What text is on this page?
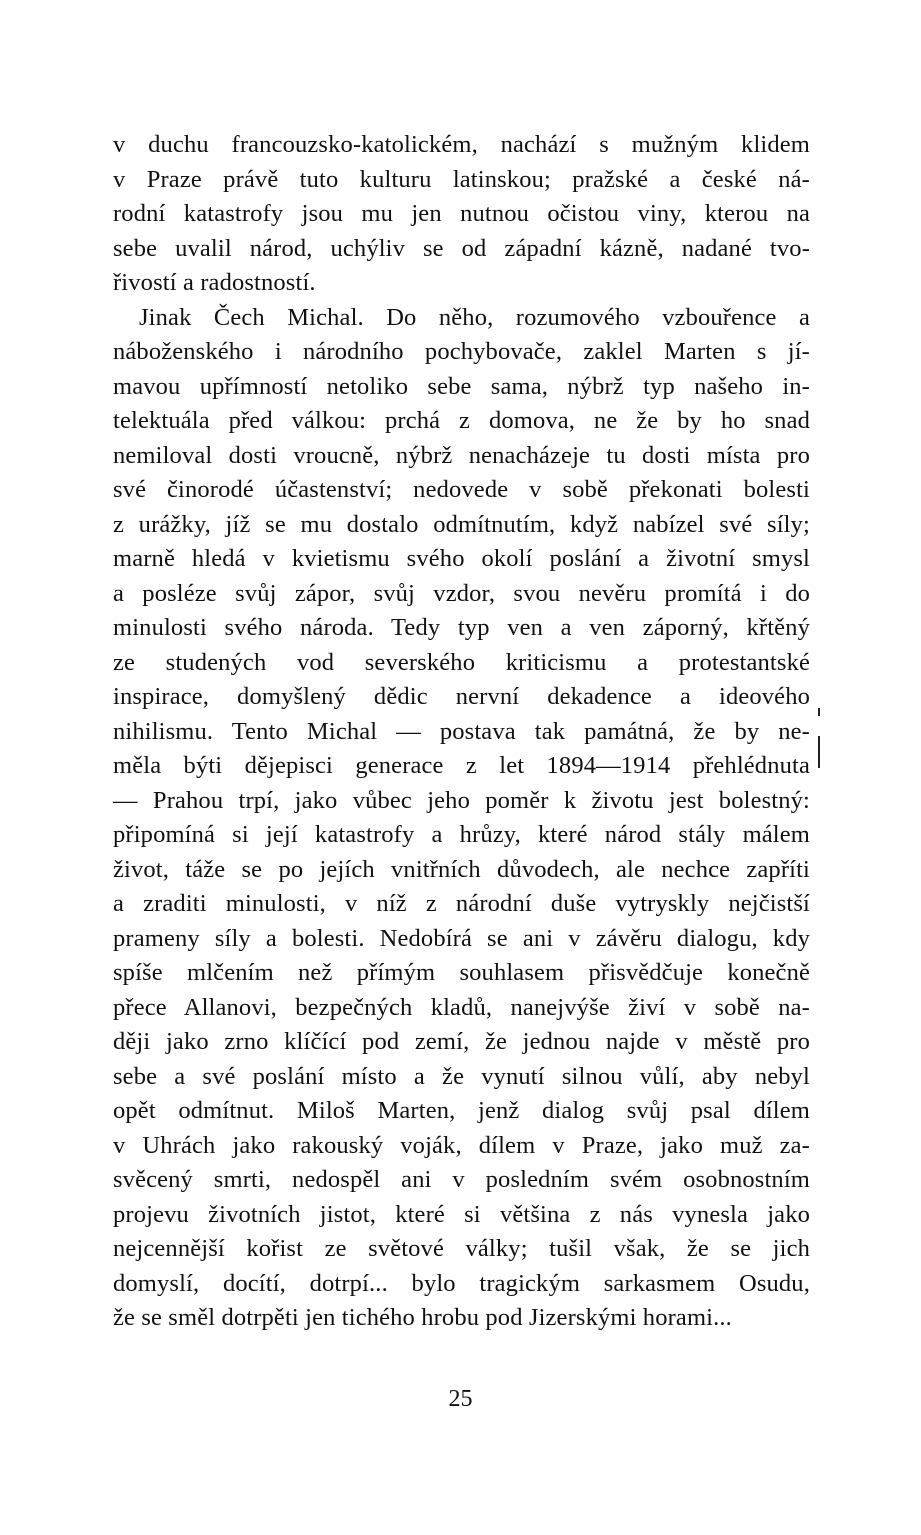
v duchu francouzsko-katolickém, nachází s mužným klidem
v Praze právě tuto kulturu latinskou; pražské a české ná-
rodní katastrofy jsou mu jen nutnou očistou viny, kterou na
sebe uvalil národ, uchýliv se od západní kázně, nadané tvo-
řivostí a radostností.
Jinak Čech Michal. Do něho, rozumového vzbouřence a
náboženského i národního pochybovače, zaklel Marten s jí-
mavou upřímností netoliko sebe sama, nýbrž typ našeho in-
telektuála před válkou: prchá z domova, ne že by ho snad
nemiloval dosti vroucně, nýbrž nenacházeje tu dosti místa pro
své činorodé účastenství; nedovede v sobě překonati bolesti
z urážky, jíž se mu dostalo odmítnutím, když nabízel své síly;
marně hledá v kvietismu svého okolí poslání a životní smysl
a posléze svůj zápor, svůj vzdor, svou nevěru promítá i do
minulosti svého národa. Tedy typ ven a ven záporný, křtěný
ze studených vod severského kriticismu a protestantské
inspirace, domyšlený dědic nervní dekadence a ideového
nihilismu. Tento Michal — postava tak památná, že by ne-
měla býti dějepisci generace z let 1894—1914 přehlédnuta
— Prahou trpí, jako vůbec jeho poměr k životu jest bolestný:
připomíná si její katastrofy a hrůzy, které národ stály málem
život, táže se po jejích vnitřních důvodech, ale nechce zapříti
a zraditi minulosti, v níž z národní duše vytryskly nejčistší
prameny síly a bolesti. Nedobírá se ani v závěru dialogu, kdy
spíše mlčením než přímým souhlasem přisvědčuje konečně
přece Allanovi, bezpečných kladů, nanejvýše živí v sobě na-
ději jako zrno klíčící pod zemí, že jednou najde v městě pro
sebe a své poslání místo a že vynutí silnou vůlí, aby nebyl
opět odmítnut. Miloš Marten, jenž dialog svůj psal dílem
v Uhrách jako rakouský voják, dílem v Praze, jako muž za-
svěcený smrti, nedospěl ani v posledním svém osobnostním
projevu životních jistot, které si většina z nás vynesla jako
nejcennější kořist ze světové války; tušil však, že se jich
domyslí, docítí, dotrpí... bylo tragickým sarkasmem Osudu,
že se směl dotrpěti jen tichého hrobu pod Jizerskými horami...
25
